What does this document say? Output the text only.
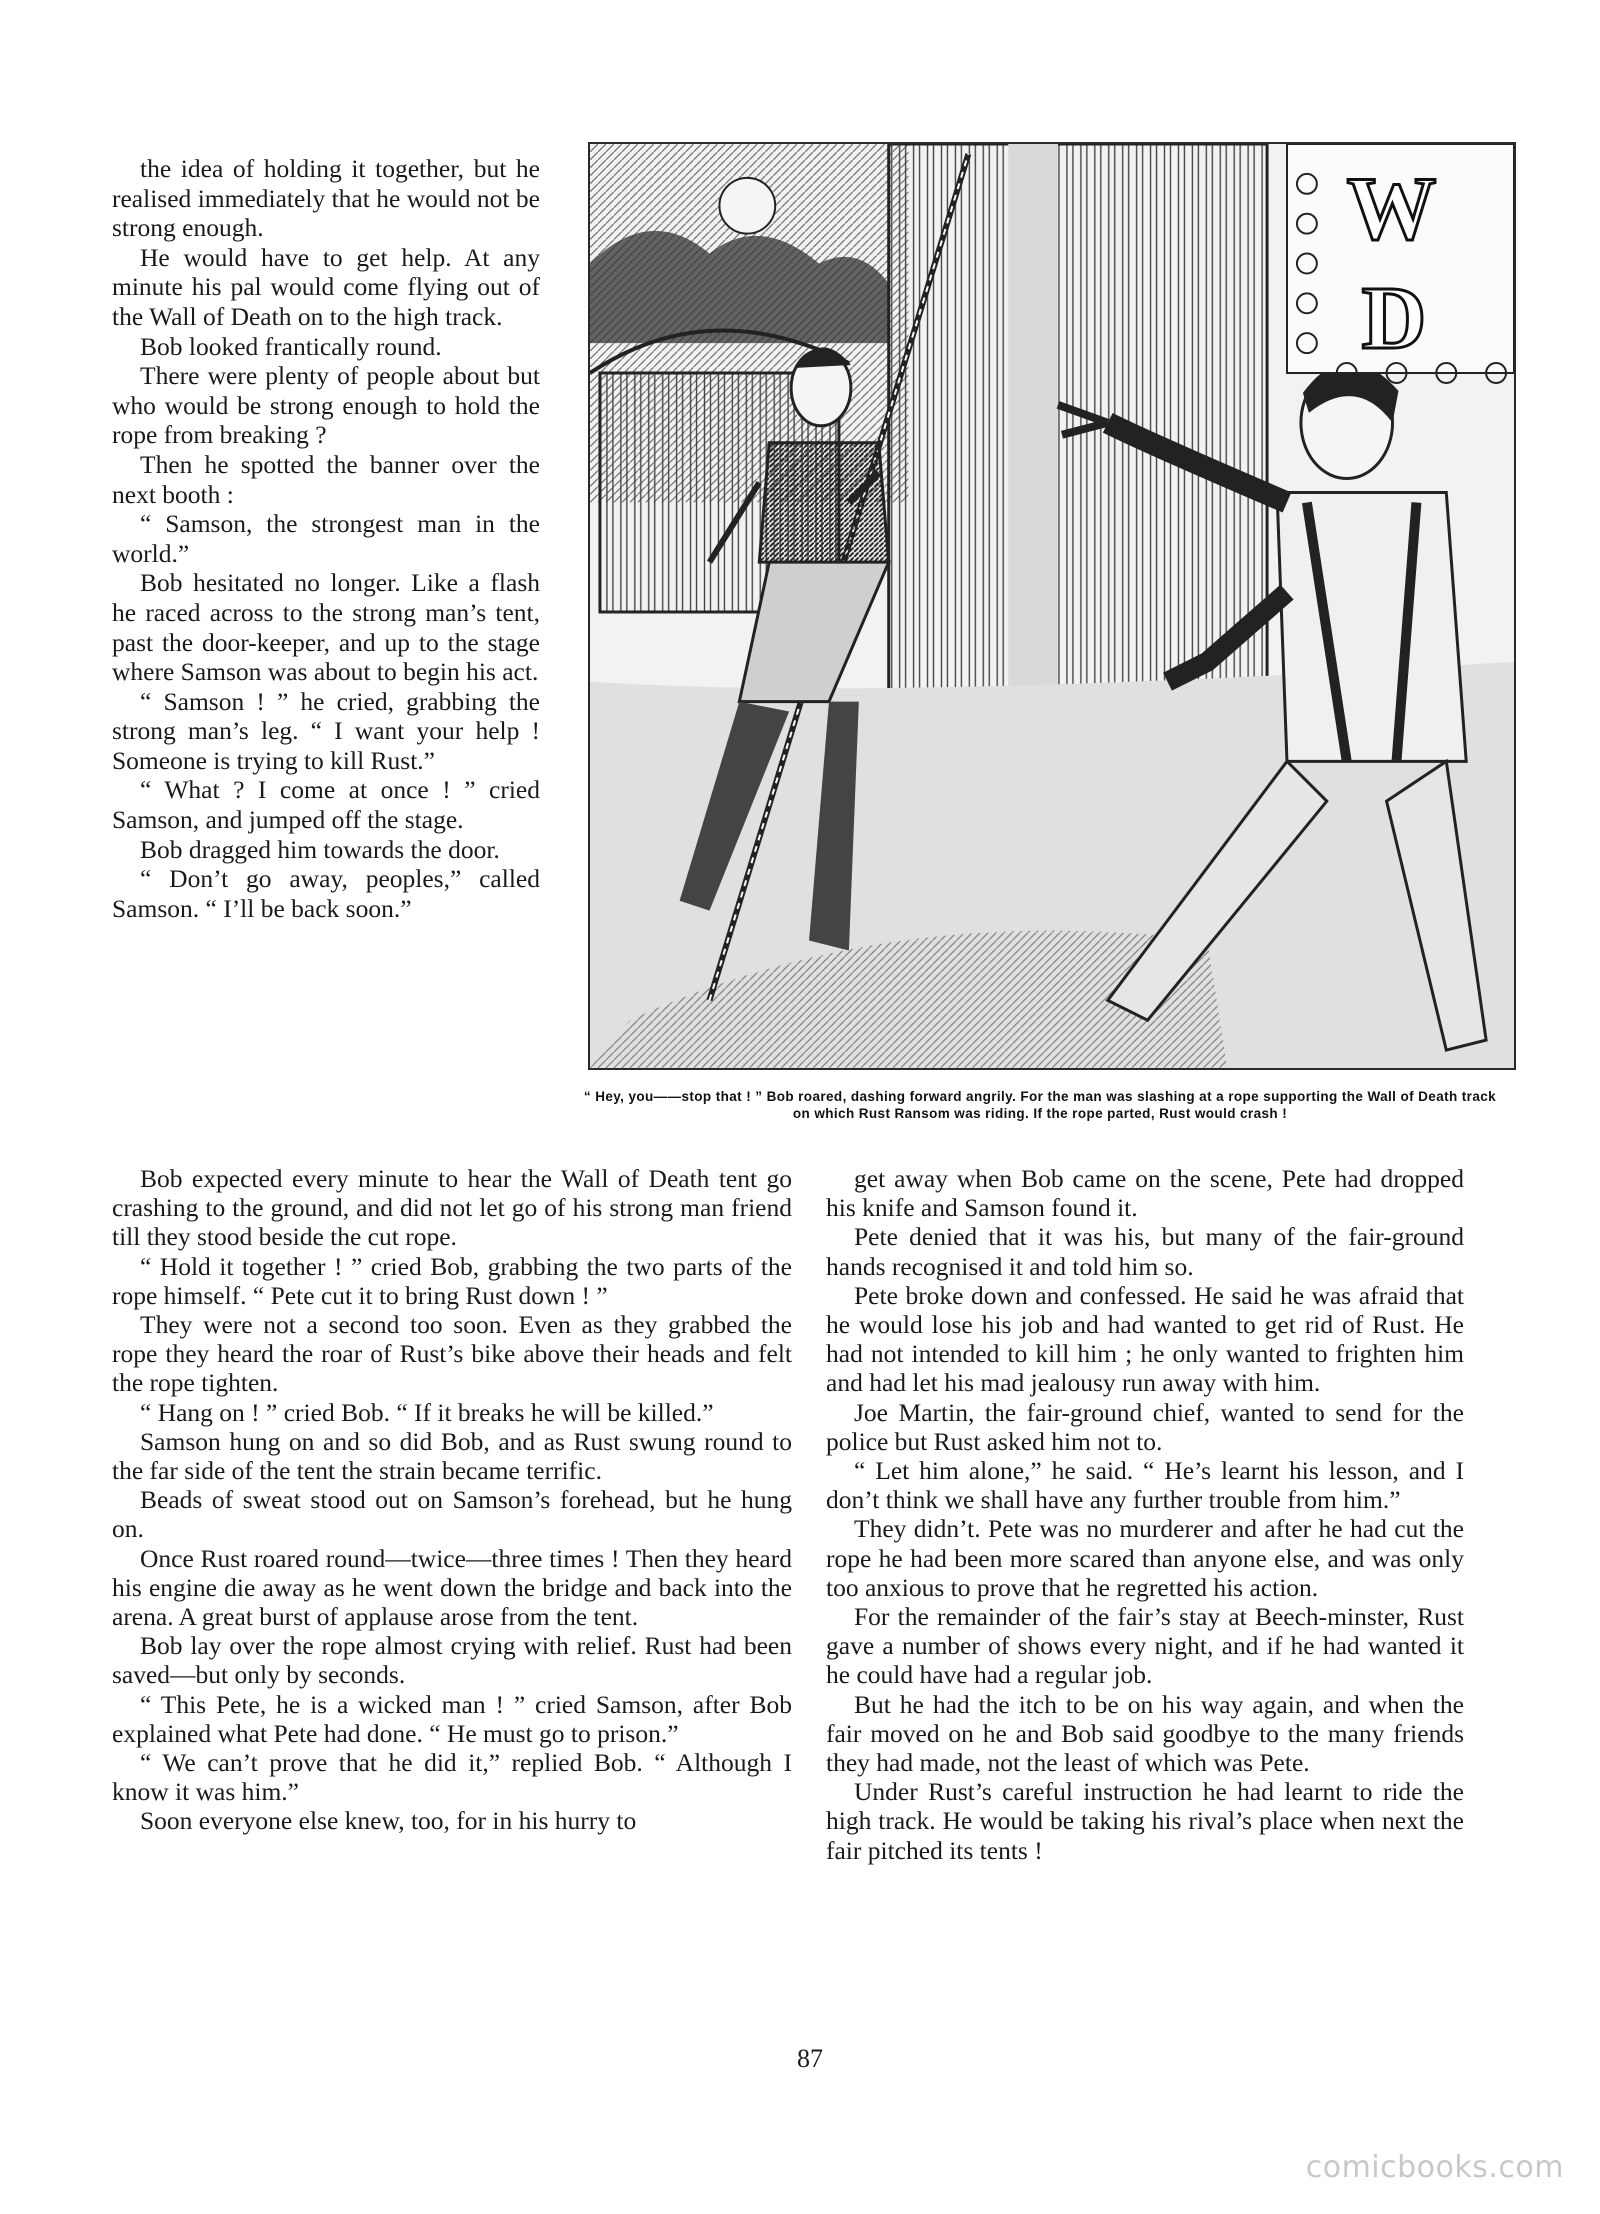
the idea of holding it together, but he realised immediately that he would not be strong enough.

He would have to get help. At any minute his pal would come flying out of the Wall of Death on to the high track.

Bob looked frantically round.

There were plenty of people about but who would be strong enough to hold the rope from breaking ?

Then he spotted the banner over the next booth :

“ Samson, the strongest man in the world.”

Bob hesitated no longer. Like a flash he raced across to the strong man’s tent, past the door-keeper, and up to the stage where Samson was about to begin his act.

“ Samson ! ” he cried, grabbing the strong man’s leg. “ I want your help ! Someone is trying to kill Rust.”

“ What ? I come at once ! ” cried Samson, and jumped off the stage.

Bob dragged him towards the door.

“ Don’t go away, peoples,” called Samson. “ I’ll be back soon.”

W
D
“ Hey, you——stop that ! ” Bob roared, dashing forward angrily. For the man was slashing at a rope supporting the Wall of Death track on which Rust Ransom was riding. If the rope parted, Rust would crash !

Bob expected every minute to hear the Wall of Death tent go crashing to the ground, and did not let go of his strong man friend till they stood beside the cut rope.

“ Hold it together ! ” cried Bob, grabbing the two parts of the rope himself. “ Pete cut it to bring Rust down ! ”

They were not a second too soon. Even as they grabbed the rope they heard the roar of Rust’s bike above their heads and felt the rope tighten.

“ Hang on ! ” cried Bob. “ If it breaks he will be killed.”

Samson hung on and so did Bob, and as Rust swung round to the far side of the tent the strain became terrific.

Beads of sweat stood out on Samson’s forehead, but he hung on.

Once Rust roared round—twice—three times ! Then they heard his engine die away as he went down the bridge and back into the arena. A great burst of applause arose from the tent.

Bob lay over the rope almost crying with relief. Rust had been saved—but only by seconds.

“ This Pete, he is a wicked man ! ” cried Samson, after Bob explained what Pete had done. “ He must go to prison.”

“ We can’t prove that he did it,” replied Bob. “ Although I know it was him.”

Soon everyone else knew, too, for in his hurry to

get away when Bob came on the scene, Pete had dropped his knife and Samson found it.

Pete denied that it was his, but many of the fair-ground hands recognised it and told him so.

Pete broke down and confessed. He said he was afraid that he would lose his job and had wanted to get rid of Rust. He had not intended to kill him ; he only wanted to frighten him and had let his mad jealousy run away with him.

Joe Martin, the fair-ground chief, wanted to send for the police but Rust asked him not to.

“ Let him alone,” he said. “ He’s learnt his lesson, and I don’t think we shall have any further trouble from him.”

They didn’t. Pete was no murderer and after he had cut the rope he had been more scared than anyone else, and was only too anxious to prove that he regretted his action.

For the remainder of the fair’s stay at Beech-minster, Rust gave a number of shows every night, and if he had wanted it he could have had a regular job.

But he had the itch to be on his way again, and when the fair moved on he and Bob said goodbye to the many friends they had made, not the least of which was Pete.

Under Rust’s careful instruction he had learnt to ride the high track. He would be taking his rival’s place when next the fair pitched its tents !

87
comicbooks.com
